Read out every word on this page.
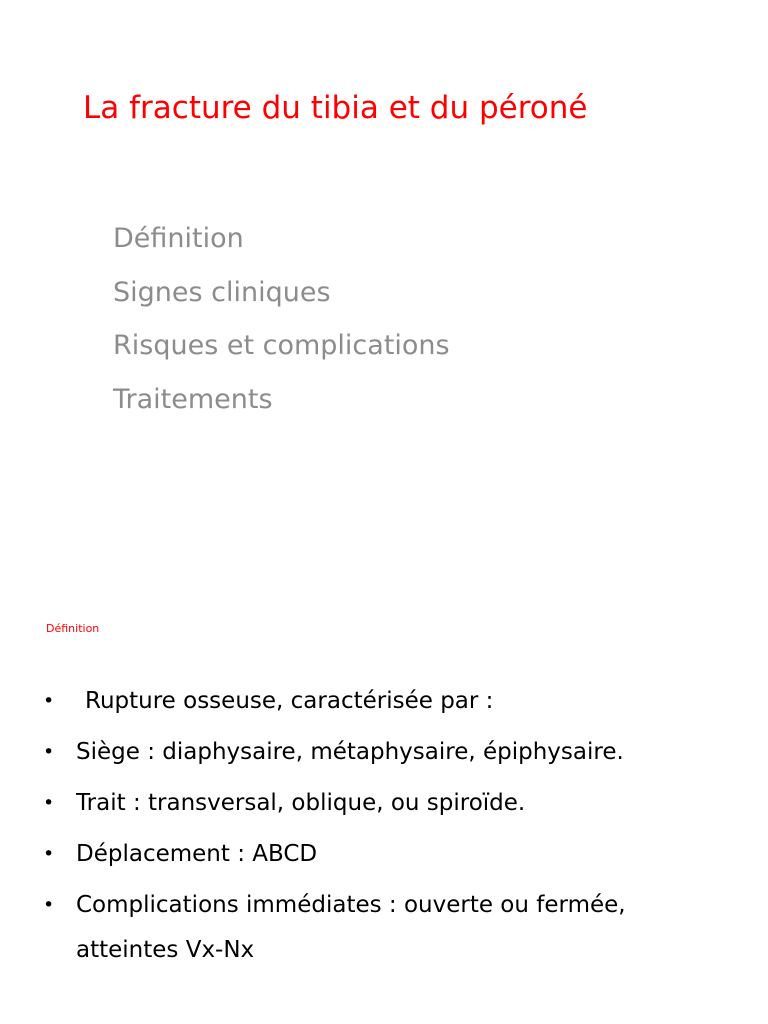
La fracture du tibia et du péroné
Définition
Signes cliniques
Risques et complications
Traitements
Définition
•	Rupture osseuse, caractérisée par :
• Siège : diaphysaire, métaphysaire, épiphysaire.
• Trait : transversal, oblique, ou spiroïde.
• Déplacement : ABCD
• Complications immédiates : ouverte ou fermée, atteintes Vx-Nx
